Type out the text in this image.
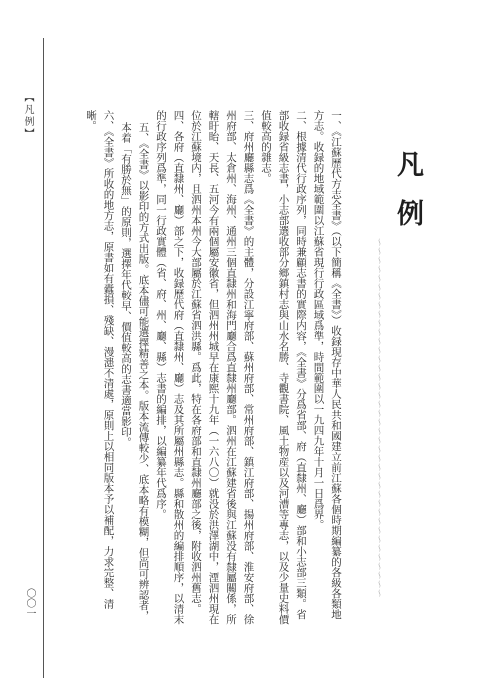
【凡例】
〇〇一
凡例
〜〜〜〜〜〜〜〜〜〜〜〜〜〜〜〜〜〜〜〜〜〜〜〜〜〜〜〜〜〜〜〜〜〜〜〜〜〜〜〜

一、《江蘇歷代方志全書》（以下簡稱《全書》）收録現存中華人民共和國建立前江蘇各個時期編纂的各級各類地方志。收録的地域範圍以江蘇省現行行政區域爲準，時間範圍以一九四九年十月一日爲界。

二、根據清代行政序列，同時兼顧志書的實際内容，《全書》分爲省部、府（直隸州、廳）部和小志部三類。省部收録省級志書，小志部選收部分鄉鎮村志與山水名勝、寺觀書院、風土物産以及河漕等專志，以及少量史料價值較高的雜志。

三、府州廳縣志爲《全書》的主體，分設江寧府部、蘇州府部、常州府部、鎮江府部、揚州府部、淮安府部、徐州府部、太倉州、海州、通州三個直隸州和海門廳合爲直隸州廳部。泗州在江蘇建省後與江蘇没有隸屬關係，所轄盱眙、天長、五河今有兩個屬安徽省，但泗州州城早在康熙十九年（一六八〇）就没於洪澤湖中，湮泗州現在位於江蘇境内，且泗州本州今大部屬於江蘇省泗洪縣。爲此，特在各府部和直隸州廳部之後，附收泗州舊志。

四、各府（直隸州、廳）部之下，收録歷代府（直隸州、廳）志及其所屬州縣志。縣和散州的編排順序，以清末的行政序列爲準，同一行政實體（省、府、州、廳、縣）志書的編排，以編纂年代爲序。

五、《全書》以影印的方式出版。底本儘可能選擇精善之本。版本流傳較少、底本略有模糊，但尚可辨認者，本着「有勝於無」的原則，選擇年代較早、價值較高的志書適當影印。

六、《全書》所收的地方志，原書如有蠹損、殘缺、漫漶不清處，原則上以相同版本予以補配，力求完整、清晰。
